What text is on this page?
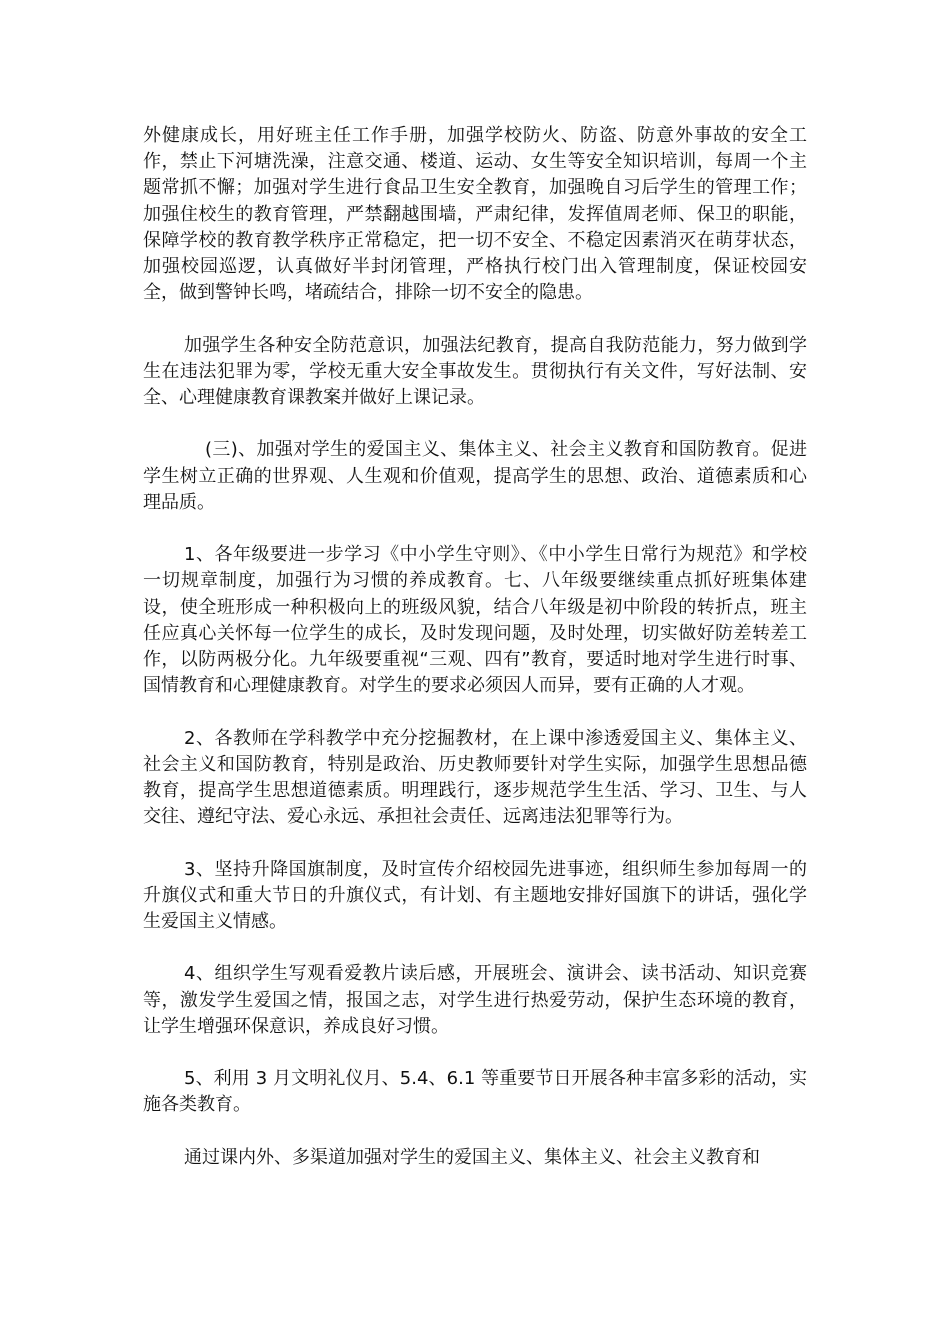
外健康成长，用好班主任工作手册，加强学校防火、防盗、防意外事故的安全工作，禁止下河塘洗澡，注意交通、楼道、运动、女生等安全知识培训，每周一个主题常抓不懈；加强对学生进行食品卫生安全教育，加强晚自习后学生的管理工作；加强住校生的教育管理，严禁翻越围墙，严肃纪律，发挥值周老师、保卫的职能，保障学校的教育教学秩序正常稳定，把一切不安全、不稳定因素消灭在萌芽状态，加强校园巡逻，认真做好半封闭管理，严格执行校门出入管理制度，保证校园安全，做到警钟长鸣，堵疏结合，排除一切不安全的隐患。

加强学生各种安全防范意识，加强法纪教育，提高自我防范能力，努力做到学生在违法犯罪为零，学校无重大安全事故发生。贯彻执行有关文件，写好法制、安全、心理健康教育课教案并做好上课记录。

(三)、加强对学生的爱国主义、集体主义、社会主义教育和国防教育。促进学生树立正确的世界观、人生观和价值观，提高学生的思想、政治、道德素质和心理品质。

1、各年级要进一步学习《中小学生守则》、《中小学生日常行为规范》和学校一切规章制度，加强行为习惯的养成教育。七、八年级要继续重点抓好班集体建设，使全班形成一种积极向上的班级风貌，结合八年级是初中阶段的转折点，班主任应真心关怀每一位学生的成长，及时发现问题，及时处理，切实做好防差转差工作，以防两极分化。九年级要重视“三观、四有”教育，要适时地对学生进行时事、国情教育和心理健康教育。对学生的要求必须因人而异，要有正确的人才观。

2、各教师在学科教学中充分挖掘教材，在上课中渗透爱国主义、集体主义、社会主义和国防教育，特别是政治、历史教师要针对学生实际，加强学生思想品德教育，提高学生思想道德素质。明理践行，逐步规范学生生活、学习、卫生、与人交往、遵纪守法、爱心永远、承担社会责任、远离违法犯罪等行为。

3、坚持升降国旗制度，及时宣传介绍校园先进事迹，组织师生参加每周一的升旗仪式和重大节日的升旗仪式，有计划、有主题地安排好国旗下的讲话，强化学生爱国主义情感。

4、组织学生写观看爱教片读后感，开展班会、演讲会、读书活动、知识竞赛等，激发学生爱国之情，报国之志，对学生进行热爱劳动，保护生态环境的教育，让学生增强环保意识，养成良好习惯。

5、利用 3 月文明礼仪月、5.4、6.1 等重要节日开展各种丰富多彩的活动，实施各类教育。

通过课内外、多渠道加强对学生的爱国主义、集体主义、社会主义教育和
